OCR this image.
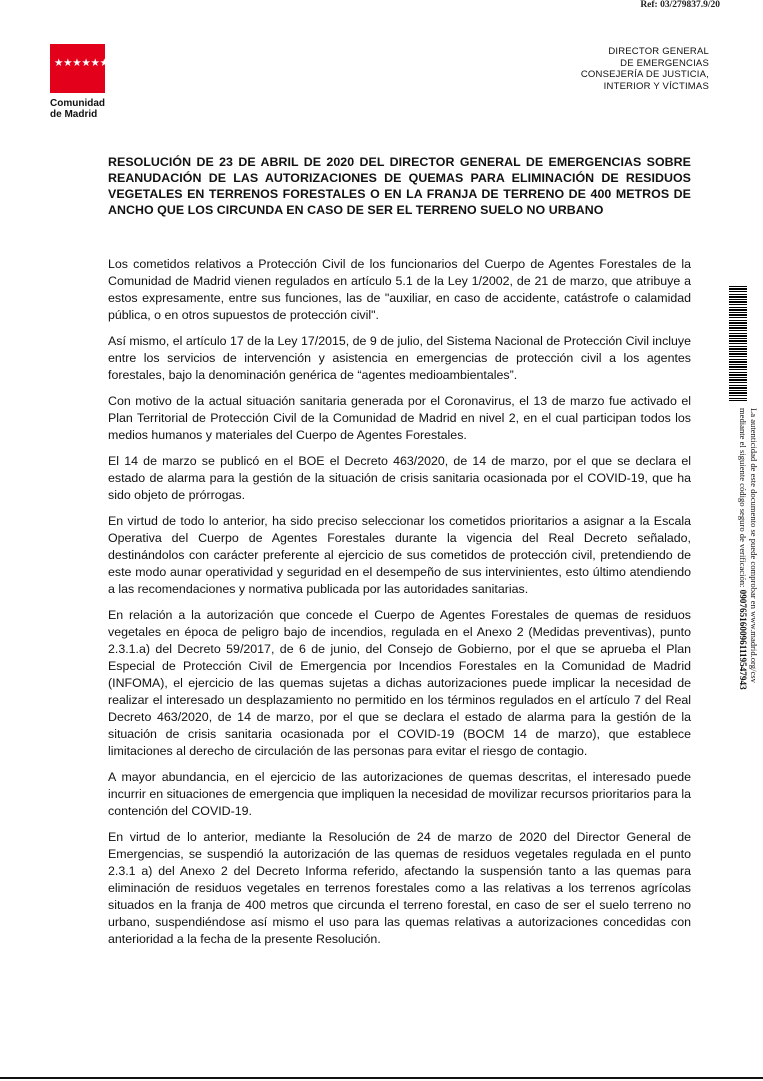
Ref: 03/279837.9/20
★★★★★★★
Comunidad
de Madrid
DIRECTOR GENERAL
DE EMERGENCIAS
CONSEJERÍA DE JUSTICIA,
INTERIOR Y VÍCTIMAS
RESOLUCIÓN DE 23 DE ABRIL DE 2020 DEL DIRECTOR GENERAL DE EMERGENCIAS SOBRE REANUDACIÓN DE LAS AUTORIZACIONES DE QUEMAS PARA ELIMINACIÓN DE RESIDUOS VEGETALES EN TERRENOS FORESTALES O EN LA FRANJA DE TERRENO DE 400 METROS DE ANCHO QUE LOS CIRCUNDA EN CASO DE SER EL TERRENO SUELO NO URBANO

Los cometidos relativos a Protección Civil de los funcionarios del Cuerpo de Agentes Forestales de la Comunidad de Madrid vienen regulados en artículo 5.1 de la Ley 1/2002, de 21 de marzo, que atribuye a estos expresamente, entre sus funciones, las de "auxiliar, en caso de accidente, catástrofe o calamidad pública, o en otros supuestos de protección civil".

Así mismo, el artículo 17 de la Ley 17/2015, de 9 de julio, del Sistema Nacional de Protección Civil incluye entre los servicios de intervención y asistencia en emergencias de protección civil a los agentes forestales, bajo la denominación genérica de “agentes medioambientales”.

Con motivo de la actual situación sanitaria generada por el Coronavirus, el 13 de marzo fue activado el Plan Territorial de Protección Civil de la Comunidad de Madrid en nivel 2, en el cual participan todos los medios humanos y materiales del Cuerpo de Agentes Forestales.

El 14 de marzo se publicó en el BOE el Decreto 463/2020, de 14 de marzo, por el que se declara el estado de alarma para la gestión de la situación de crisis sanitaria ocasionada por el COVID-19, que ha sido objeto de prórrogas.

En virtud de todo lo anterior, ha sido preciso seleccionar los cometidos prioritarios a asignar a la Escala Operativa del Cuerpo de Agentes Forestales durante la vigencia del Real Decreto señalado, destinándolos con carácter preferente al ejercicio de sus cometidos de protección civil, pretendiendo de este modo aunar operatividad y seguridad en el desempeño de sus intervinientes, esto último atendiendo a las recomendaciones y normativa publicada por las autoridades sanitarias.

En relación a la autorización que concede el Cuerpo de Agentes Forestales de quemas de residuos vegetales en época de peligro bajo de incendios, regulada en el Anexo 2 (Medidas preventivas), punto 2.3.1.a) del Decreto 59/2017, de 6 de junio, del Consejo de Gobierno, por el que se aprueba el Plan Especial de Protección Civil de Emergencia por Incendios Forestales en la Comunidad de Madrid (INFOMA), el ejercicio de las quemas sujetas a dichas autorizaciones puede implicar la necesidad de realizar el interesado un desplazamiento no permitido en los términos regulados en el artículo 7 del Real Decreto 463/2020, de 14 de marzo, por el que se declara el estado de alarma para la gestión de la situación de crisis sanitaria ocasionada por el COVID-19 (BOCM 14 de marzo), que establece limitaciones al derecho de circulación de las personas para evitar el riesgo de contagio.

A mayor abundancia, en el ejercicio de las autorizaciones de quemas descritas, el interesado puede incurrir en situaciones de emergencia que impliquen la necesidad de movilizar recursos prioritarios para la contención del COVID-19.

En virtud de lo anterior, mediante la Resolución de 24 de marzo de 2020 del Director General de Emergencias, se suspendió la autorización de las quemas de residuos vegetales regulada en el punto 2.3.1 a) del Anexo 2 del Decreto Informa referido, afectando la suspensión tanto a las quemas para eliminación de residuos vegetales en terrenos forestales como a las relativas a los terrenos agrícolas situados en la franja de 400 metros que circunda el terreno forestal, en caso de ser el suelo terreno no urbano, suspendiéndose así mismo el uso para las quemas relativas a autorizaciones concedidas con anterioridad a la fecha de la presente Resolución.

La autenticidad de este documento se puede comprobar en www.madrid.org/csv
mediante el siguiente código seguro de verificación: 0907651600961119547943
